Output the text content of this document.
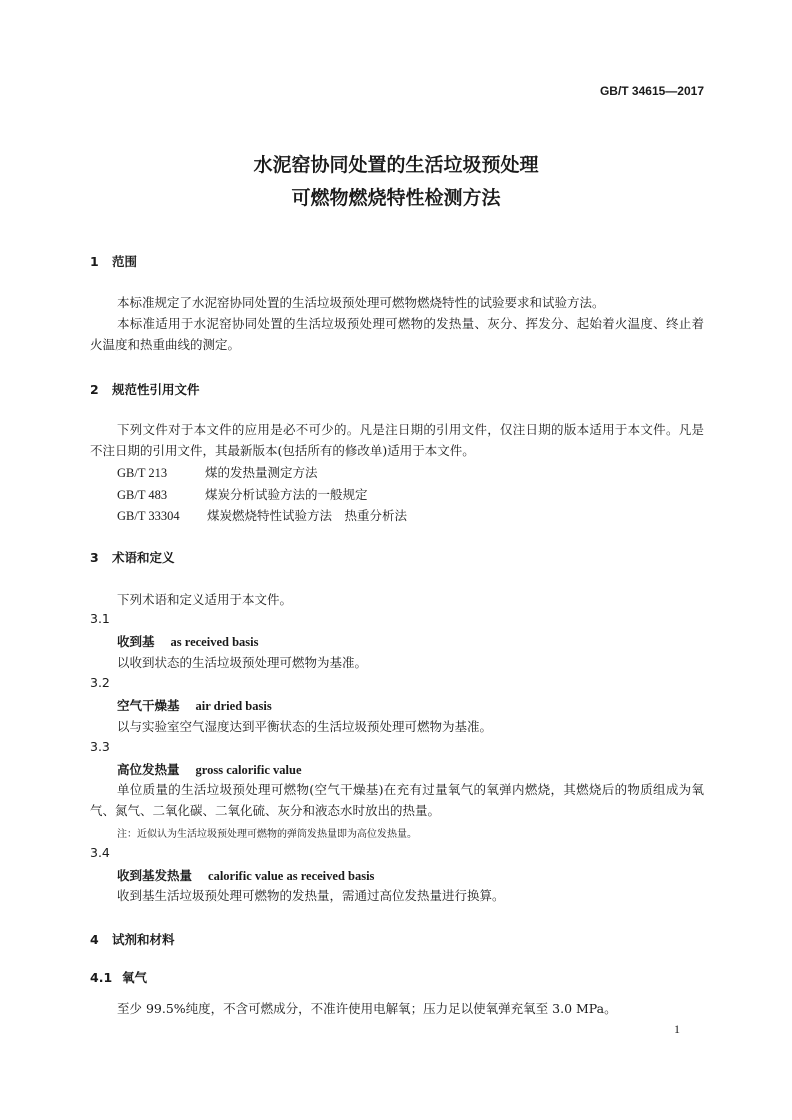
GB/T 34615—2017
水泥窑协同处置的生活垃圾预处理
可燃物燃烧特性检测方法
1 范围
本标准规定了水泥窑协同处置的生活垃圾预处理可燃物燃烧特性的试验要求和试验方法。
本标准适用于水泥窑协同处置的生活垃圾预处理可燃物的发热量、灰分、挥发分、起始着火温度、终止着火温度和热重曲线的测定。
2 规范性引用文件
下列文件对于本文件的应用是必不可少的。凡是注日期的引用文件，仅注日期的版本适用于本文件。凡是不注日期的引用文件，其最新版本(包括所有的修改单)适用于本文件。
GB/T 213	煤的发热量测定方法
GB/T 483	煤炭分析试验方法的一般规定
GB/T 33304 煤炭燃烧特性试验方法　热重分析法
3 术语和定义
下列术语和定义适用于本文件。
3.1
收到基 as received basis
以收到状态的生活垃圾预处理可燃物为基准。
3.2
空气干燥基 air dried basis
以与实验室空气湿度达到平衡状态的生活垃圾预处理可燃物为基准。
3.3
高位发热量 gross calorific value
单位质量的生活垃圾预处理可燃物(空气干燥基)在充有过量氧气的氧弹内燃烧，其燃烧后的物质组成为氧气、氮气、二氧化碳、二氧化硫、灰分和液态水时放出的热量。
注：近似认为生活垃圾预处理可燃物的弹筒发热量即为高位发热量。
3.4
收到基发热量 calorific value as received basis
收到基生活垃圾预处理可燃物的发热量，需通过高位发热量进行换算。
4 试剂和材料
4.1 氧气
至少 99.5%纯度，不含可燃成分，不准许使用电解氧；压力足以使氧弹充氧至 3.0 MPa。
1
